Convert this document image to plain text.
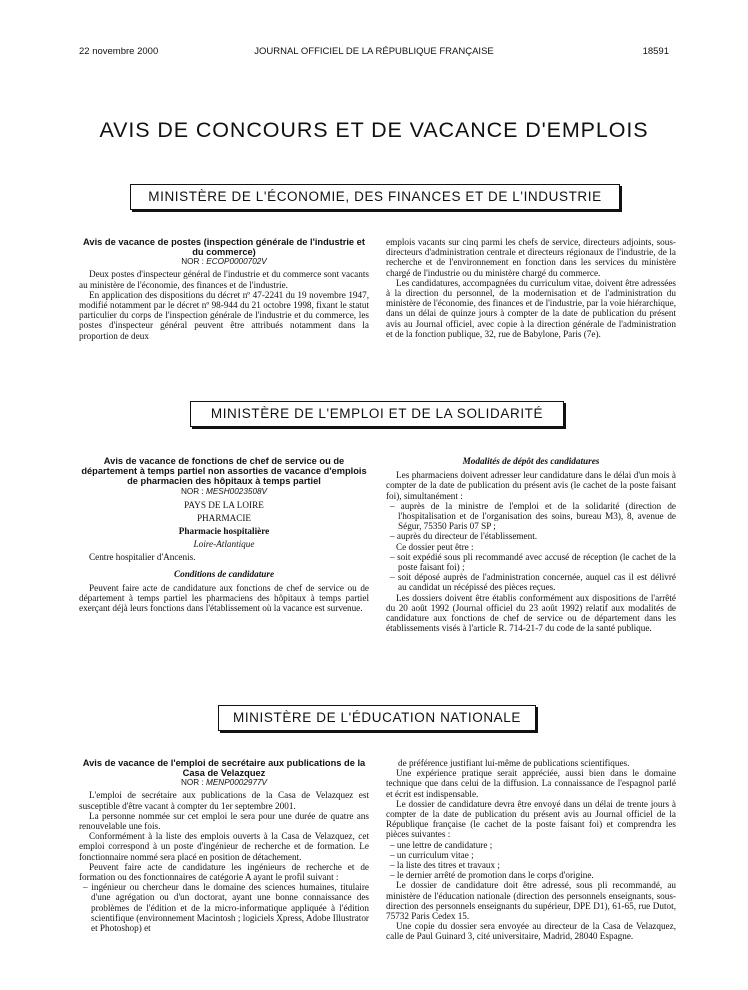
22 novembre 2000	JOURNAL OFFICIEL DE LA RÉPUBLIQUE FRANÇAISE	18591
AVIS DE CONCOURS ET DE VACANCE D'EMPLOIS
MINISTÈRE DE L'ÉCONOMIE, DES FINANCES ET DE L'INDUSTRIE
Avis de vacance de postes (inspection générale de l'industrie et du commerce)
NOR : ECOP0000702V

Deux postes d'inspecteur général de l'industrie et du commerce sont vacants au ministère de l'économie, des finances et de l'industrie.

En application des dispositions du décret nº 47-2241 du 19 novembre 1947, modifié notamment par le décret nº 98-944 du 21 octobre 1998, fixant le statut particulier du corps de l'inspection générale de l'industrie et du commerce, les postes d'inspecteur général peuvent être attribués notamment dans la proportion de deux

emplois vacants sur cinq parmi les chefs de service, directeurs adjoints, sous-directeurs d'administration centrale et directeurs régionaux de l'industrie, de la recherche et de l'environnement en fonction dans les services du ministère chargé de l'industrie ou du ministère chargé du commerce.

Les candidatures, accompagnées du curriculum vitae, doivent être adressées à la direction du personnel, de la modernisation et de l'administration du ministère de l'économie, des finances et de l'industrie, par la voie hiérarchique, dans un délai de quinze jours à compter de la date de publication du présent avis au Journal officiel, avec copie à la direction générale de l'administration et de la fonction publique, 32, rue de Babylone, Paris (7e).

MINISTÈRE DE L'EMPLOI ET DE LA SOLIDARITÉ
Avis de vacance de fonctions de chef de service ou de département à temps partiel non assorties de vacance d'emplois de pharmacien des hôpitaux à temps partiel
NOR : MESH0023508V
PAYS DE LA LOIRE
PHARMACIE
Pharmacie hospitalière
Loire-Atlantique

Centre hospitalier d'Ancenis.

Conditions de candidature

Peuvent faire acte de candidature aux fonctions de chef de service ou de département à temps partiel les pharmaciens des hôpitaux à temps partiel exerçant déjà leurs fonctions dans l'établissement où la vacance est survenue.

Modalités de dépôt des candidatures

Les pharmaciens doivent adresser leur candidature dans le délai d'un mois à compter de la date de publication du présent avis (le cachet de la poste faisant foi), simultanément :

– auprès de la ministre de l'emploi et de la solidarité (direction de l'hospitalisation et de l'organisation des soins, bureau M3), 8, avenue de Ségur, 75350 Paris 07 SP ;
– auprès du directeur de l'établissement.

Ce dossier peut être :

– soit expédié sous pli recommandé avec accusé de réception (le cachet de la poste faisant foi) ;
– soit déposé auprès de l'administration concernée, auquel cas il est délivré au candidat un récépissé des pièces reçues.

Les dossiers doivent être établis conformément aux dispositions de l'arrêté du 20 août 1992 (Journal officiel du 23 août 1992) relatif aux modalités de candidature aux fonctions de chef de service ou de département dans les établissements visés à l'article R. 714-21-7 du code de la santé publique.

MINISTÈRE DE L'ÉDUCATION NATIONALE
Avis de vacance de l'emploi de secrétaire aux publications de la Casa de Velazquez
NOR : MENP0002977V

L'emploi de secrétaire aux publications de la Casa de Velazquez est susceptible d'être vacant à compter du 1er septembre 2001.

La personne nommée sur cet emploi le sera pour une durée de quatre ans renouvelable une fois.

Conformément à la liste des emplois ouverts à la Casa de Velazquez, cet emploi correspond à un poste d'ingénieur de recherche et de formation. Le fonctionnaire nommé sera placé en position de détachement.

Peuvent faire acte de candidature les ingénieurs de recherche et de formation ou des fonctionnaires de catégorie A ayant le profil suivant :

– ingénieur ou chercheur dans le domaine des sciences humaines, titulaire d'une agrégation ou d'un doctorat, ayant une bonne connaissance des problèmes de l'édition et de la micro-informatique appliquée à l'édition scientifique (environnement Macintosh ; logiciels Xpress, Adobe Illustrator et Photoshop) et

de préférence justifiant lui-même de publications scientifiques.

Une expérience pratique serait appréciée, aussi bien dans le domaine technique que dans celui de la diffusion. La connaissance de l'espagnol parlé et écrit est indispensable.

Le dossier de candidature devra être envoyé dans un délai de trente jours à compter de la date de publication du présent avis au Journal officiel de la République française (le cachet de la poste faisant foi) et comprendra les pièces suivantes :

– une lettre de candidature ;
– un curriculum vitae ;
– la liste des titres et travaux ;
– le dernier arrêté de promotion dans le corps d'origine.

Le dossier de candidature doit être adressé, sous pli recommandé, au ministère de l'éducation nationale (direction des personnels enseignants, sous-direction des personnels enseignants du supérieur, DPE D1), 61-65, rue Dutot, 75732 Paris Cedex 15.

Une copie du dossier sera envoyée au directeur de la Casa de Velazquez, calle de Paul Guinard 3, cité universitaire, Madrid, 28040 Espagne.
